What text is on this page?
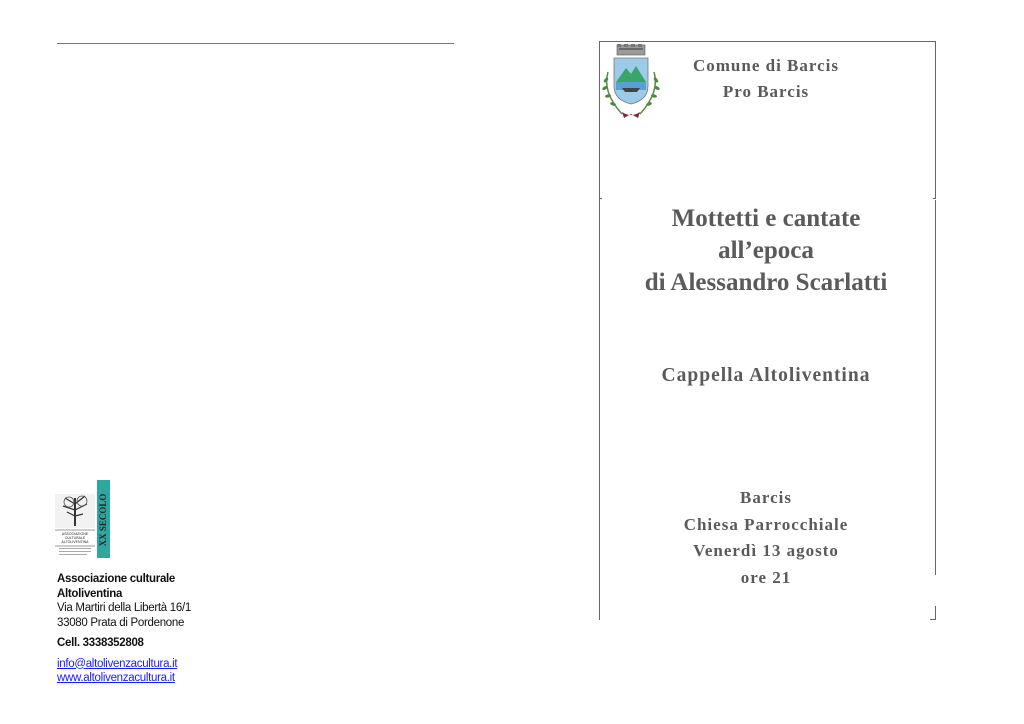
XX SECOLO
ASSOCIAZIONE
CULTURALE
ALTOLIVENTINA
Associazione culturale
Altoliventina
Via Martiri della Libertà 16/1
33080 Prata di Pordenone
Cell. 3338352808
info@altolivenzacultura.it
www.altolivenzacultura.it
Comune di Barcis
Pro Barcis
Mottetti e cantate
all’epoca
di Alessandro Scarlatti
Cappella Altoliventina
Barcis
Chiesa Parrocchiale
Venerdì 13 agosto
ore 21
